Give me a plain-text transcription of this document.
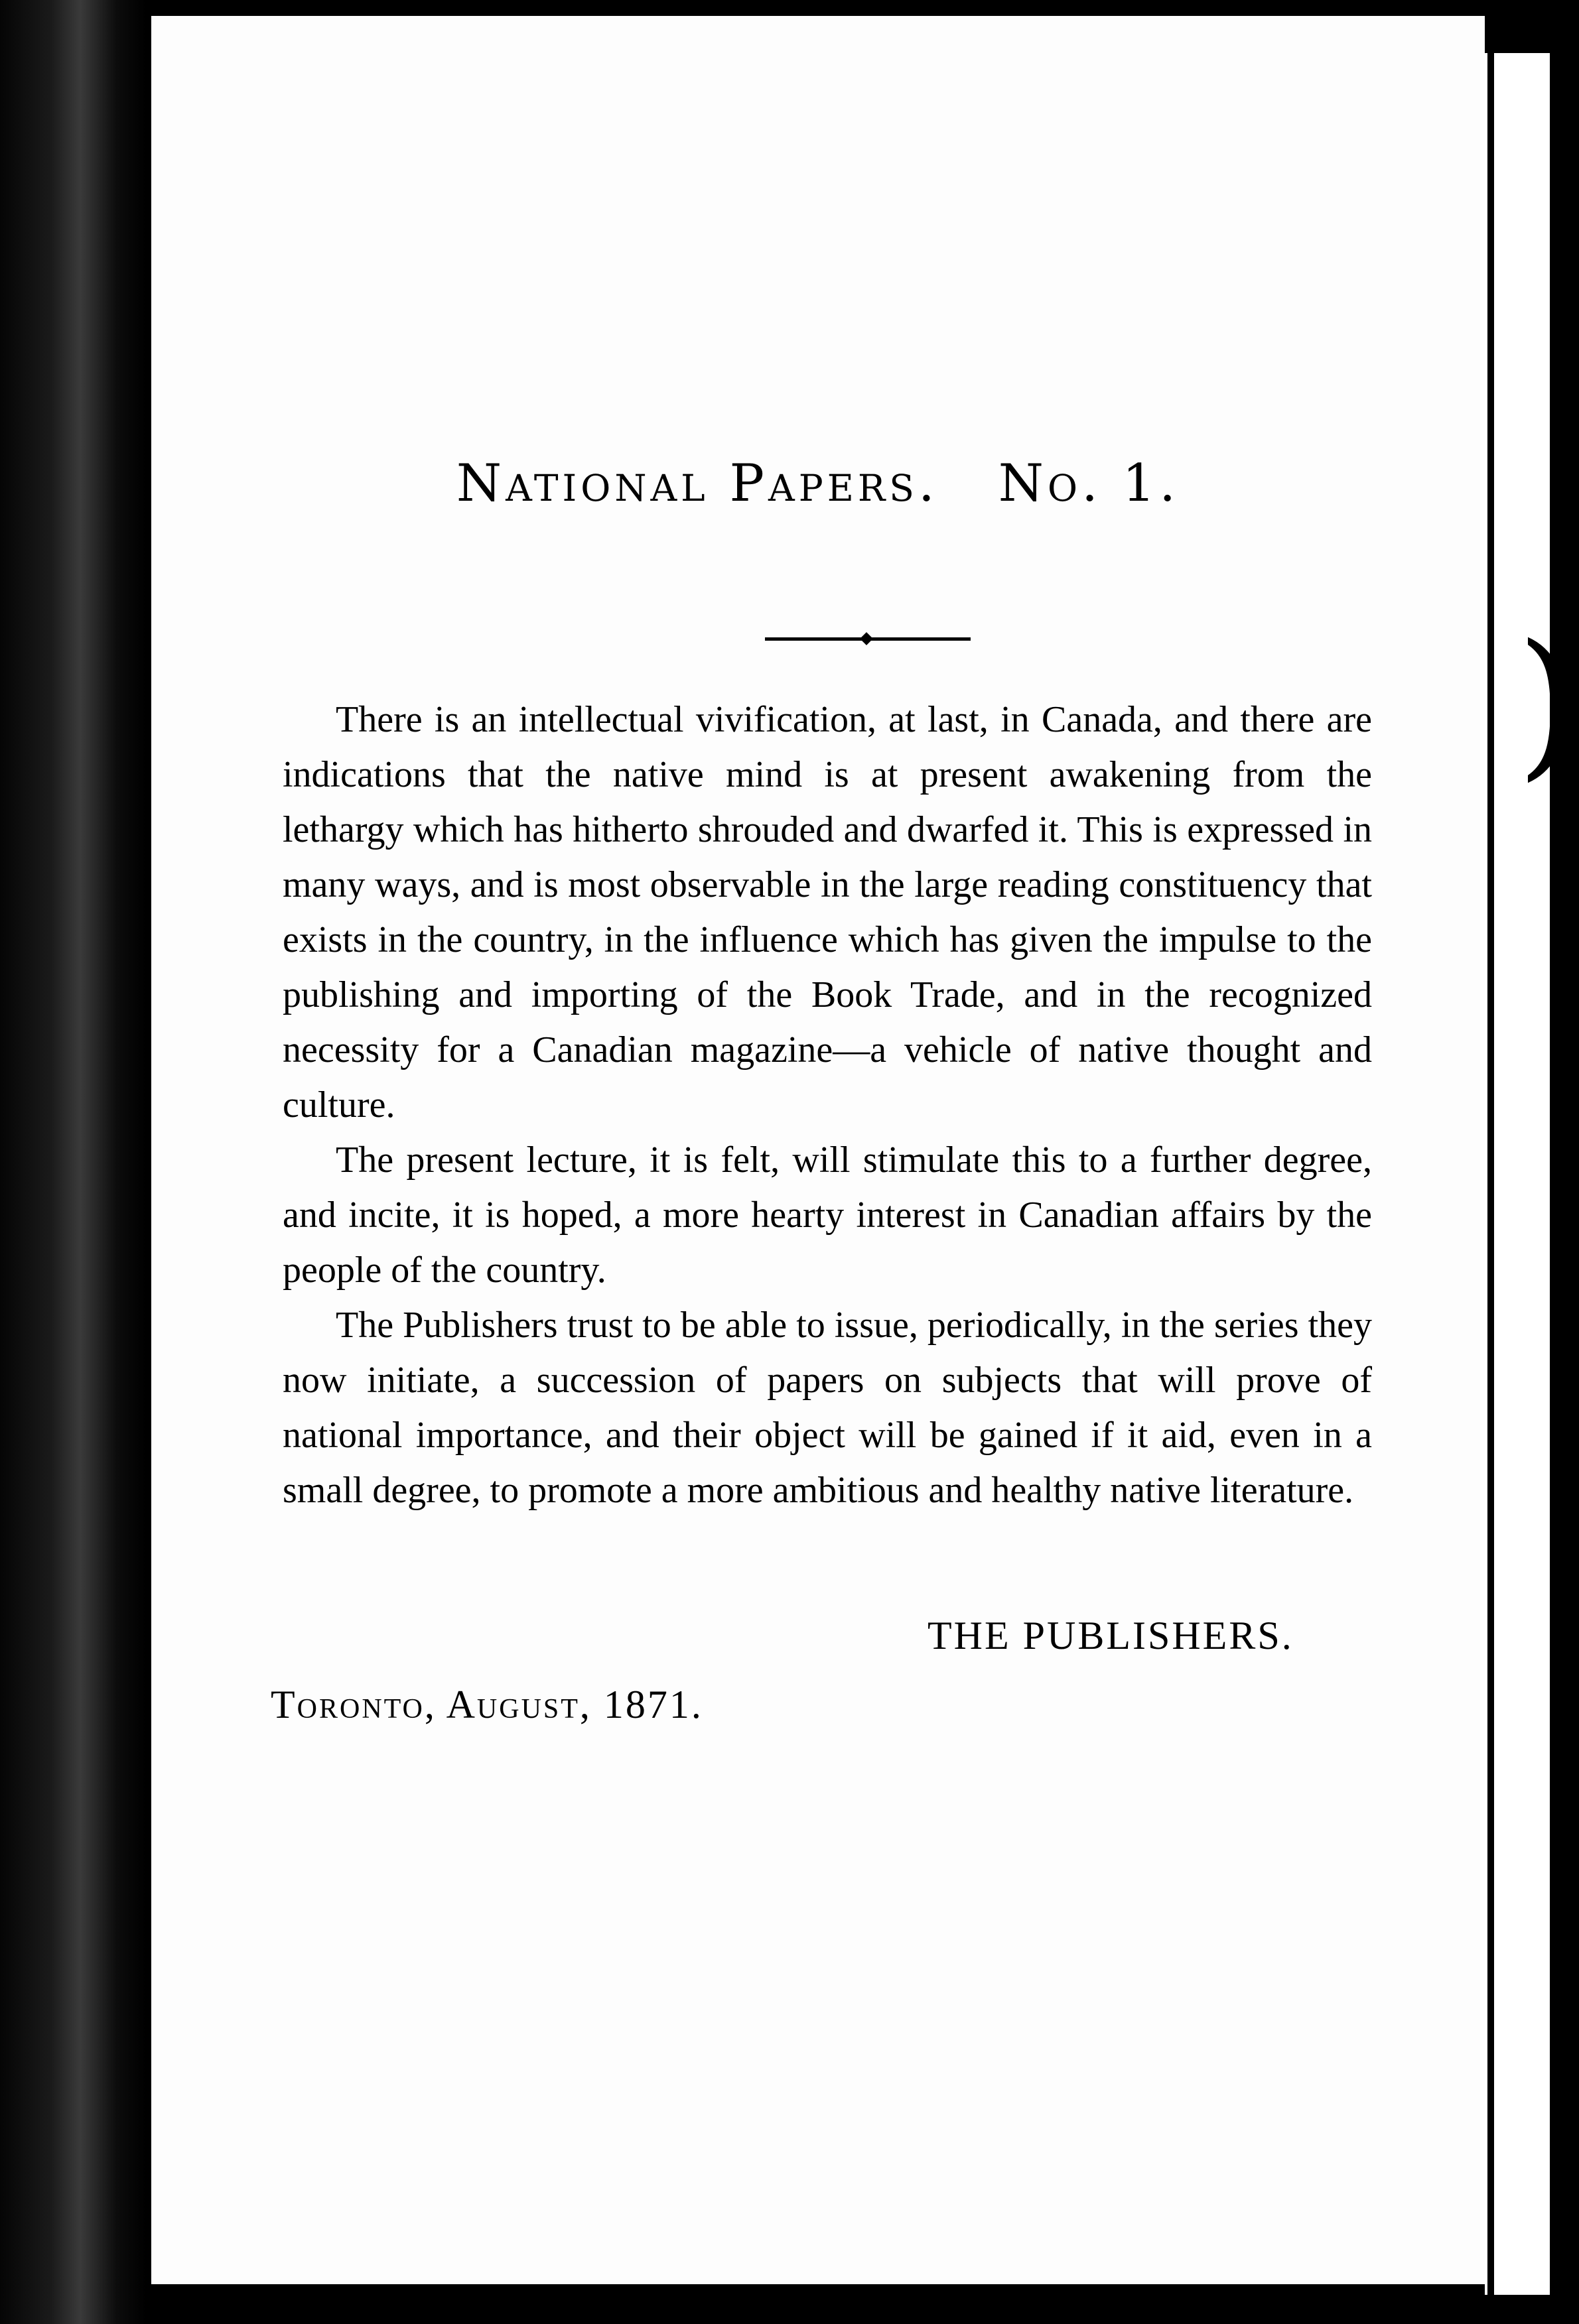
National Papers. No. 1.

There is an intellectual vivification, at last, in Canada, and there are indications that the native mind is at present awakening from the lethargy which has hitherto shrouded and dwarfed it. This is expressed in many ways, and is most observable in the large reading constituency that exists in the country, in the influence which has given the impulse to the publishing and importing of the Book Trade, and in the recognized necessity for a Canadian magazine—a vehicle of native thought and culture.

The present lecture, it is felt, will stimulate this to a further degree, and incite, it is hoped, a more hearty interest in Canadian affairs by the people of the country.

The Publishers trust to be able to issue, periodically, in the series they now initiate, a succession of papers on subjects that will prove of national importance, and their object will be gained if it aid, even in a small degree, to promote a more ambitious and healthy native literature.

THE PUBLISHERS.
Toronto, August, 1871.
)
